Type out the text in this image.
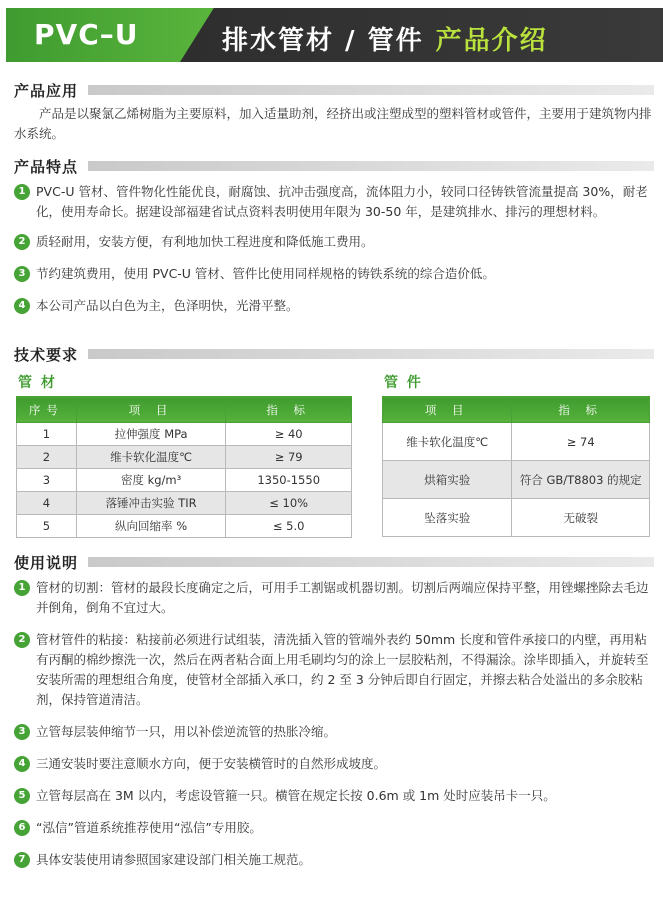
PVC–U	排水管材 / 管件 产品介绍
产品应用

产品是以聚氯乙烯树脂为主要原料，加入适量助剂，经挤出或注塑成型的塑料管材或管件，主要用于建筑物内排水系统。

产品特点
1 PVC-U 管材、管件物化性能优良，耐腐蚀、抗冲击强度高，流体阻力小，较同口径铸铁管流量提高 30%，耐老化，使用寿命长。据建设部福建省试点资料表明使用年限为 30-50 年，是建筑排水、排污的理想材料。
2 质轻耐用，安装方便，有利地加快工程进度和降低施工费用。
3 节约建筑费用，使用 PVC-U 管材、管件比使用同样规格的铸铁系统的综合造价低。
4 本公司产品以白色为主，色泽明快，光滑平整。
技术要求
管 材	管 件
序号	项 目	指 标
1	拉伸强度 MPa	≥ 40
2	维卡软化温度℃	≥ 79
3	密度 kg/m³	1350-1550
4	落锤冲击实验 TIR	≤ 10%
5	纵向回缩率 %	≤ 5.0
项 目	指 标
维卡软化温度℃	≥ 74
烘箱实验	符合 GB/T8803 的规定
坠落实验	无破裂
使用说明
1 管材的切割：管材的最段长度确定之后，可用手工割锯或机器切割。切割后两端应保持平整，用锉螺挫除去毛边并倒角，倒角不宜过大。
2 管材管件的粘接：粘接前必须进行试组装，清洗插入管的管端外表约 50mm 长度和管件承接口的内壁，再用粘有丙酮的棉纱擦洗一次，然后在两者粘合面上用毛刷均匀的涂上一层胶粘剂，不得漏涂。涂毕即插入，并旋转至安装所需的理想组合角度，使管材全部插入承口，约 2 至 3 分钟后即自行固定，并擦去粘合处溢出的多余胶粘剂，保持管道清洁。
3 立管每层装伸缩节一只，用以补偿逆流管的热胀冷缩。
4 三通安装时要注意顺水方向，便于安装横管时的自然形成坡度。
5 立管每层高在 3M 以内，考虑设管箍一只。横管在规定长按 0.6m 或 1m 处时应装吊卡一只。
6 “泓信”管道系统推荐使用“泓信”专用胶。
7 具体安装使用请参照国家建设部门相关施工规范。
